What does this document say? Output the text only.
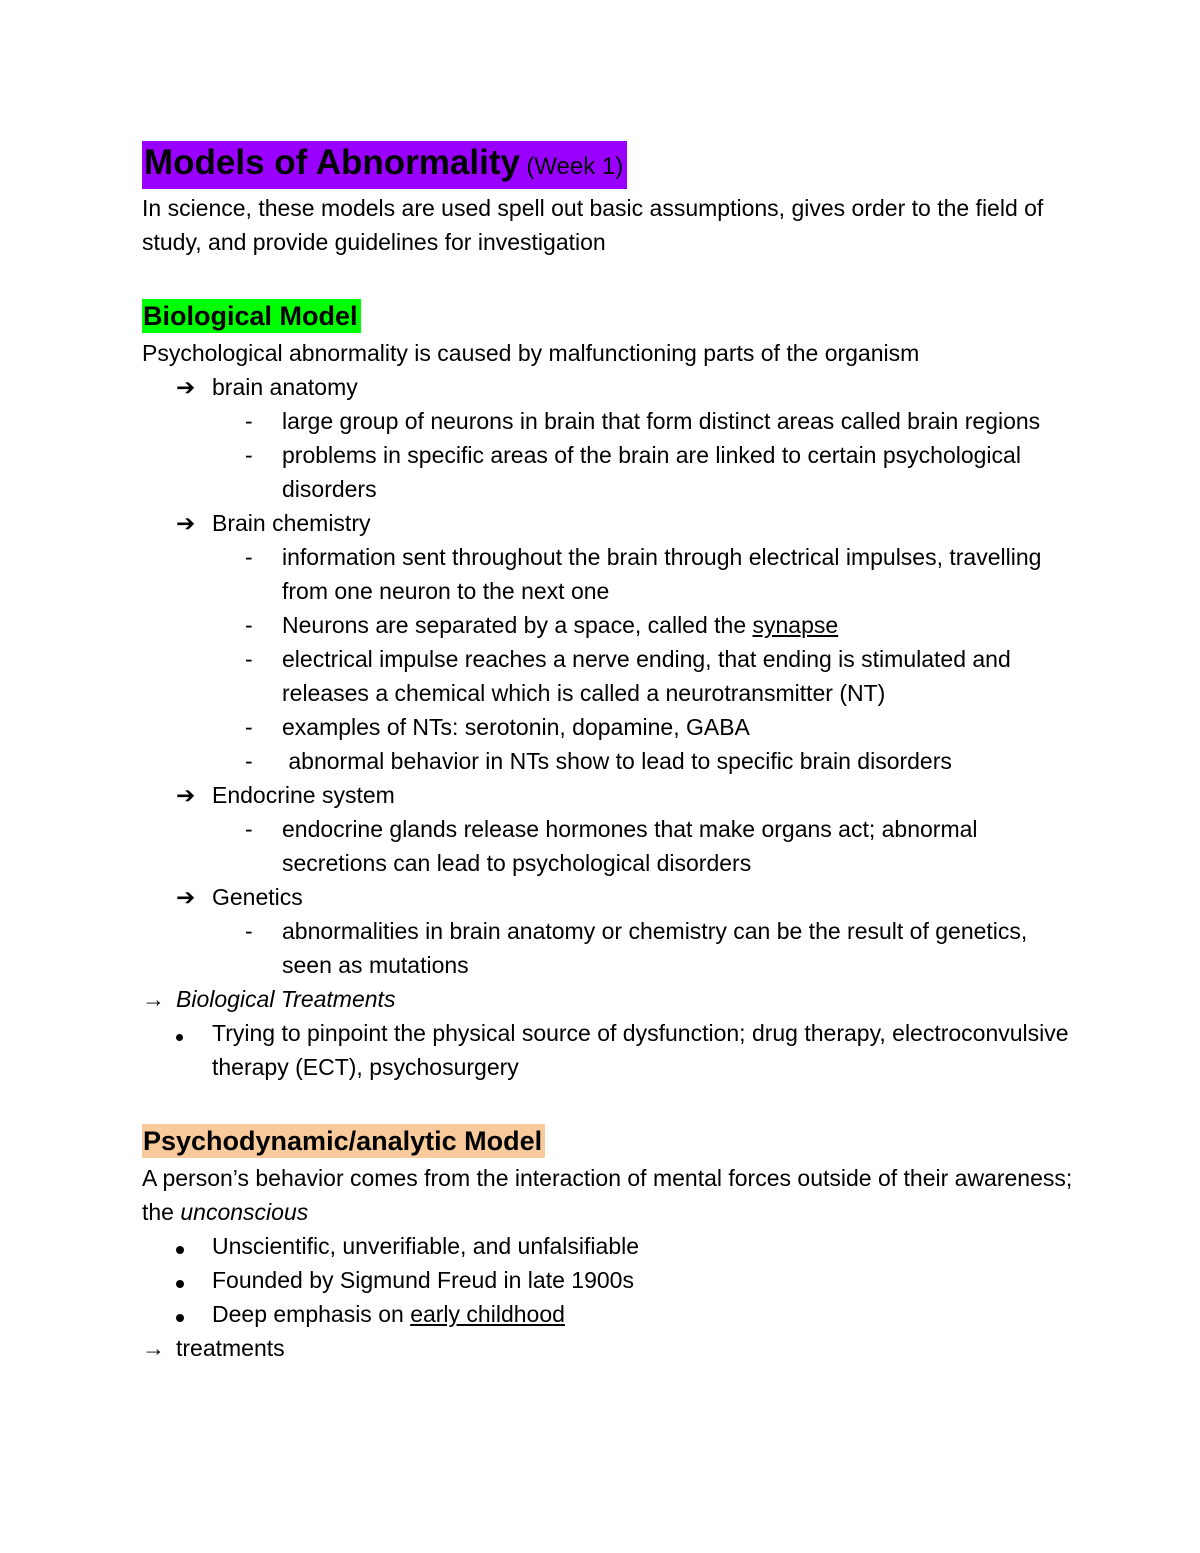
Models of Abnormality (Week 1)

In science, these models are used spell out basic assumptions, gives order to the field of study, and provide guidelines for investigation

Biological Model

Psychological abnormality is caused by malfunctioning parts of the organism

➔ brain anatomy
- large group of neurons in brain that form distinct areas called brain regions
- problems in specific areas of the brain are linked to certain psychological disorders
➔ Brain chemistry
- information sent throughout the brain through electrical impulses, travelling from one neuron to the next one
- Neurons are separated by a space, called the synapse
- electrical impulse reaches a nerve ending, that ending is stimulated and releases a chemical which is called a neurotransmitter (NT)
- examples of NTs: serotonin, dopamine, GABA
- abnormal behavior in NTs show to lead to specific brain disorders
➔ Endocrine system
- endocrine glands release hormones that make organs act; abnormal secretions can lead to psychological disorders
➔ Genetics
- abnormalities in brain anatomy or chemistry can be the result of genetics, seen as mutations
→ Biological Treatments
Trying to pinpoint the physical source of dysfunction; drug therapy, electroconvulsive therapy (ECT), psychosurgery
Psychodynamic/analytic Model

A person’s behavior comes from the interaction of mental forces outside of their awareness; the unconscious

Unscientific, unverifiable, and unfalsifiable
Founded by Sigmund Freud in late 1900s
Deep emphasis on early childhood
→ treatments
